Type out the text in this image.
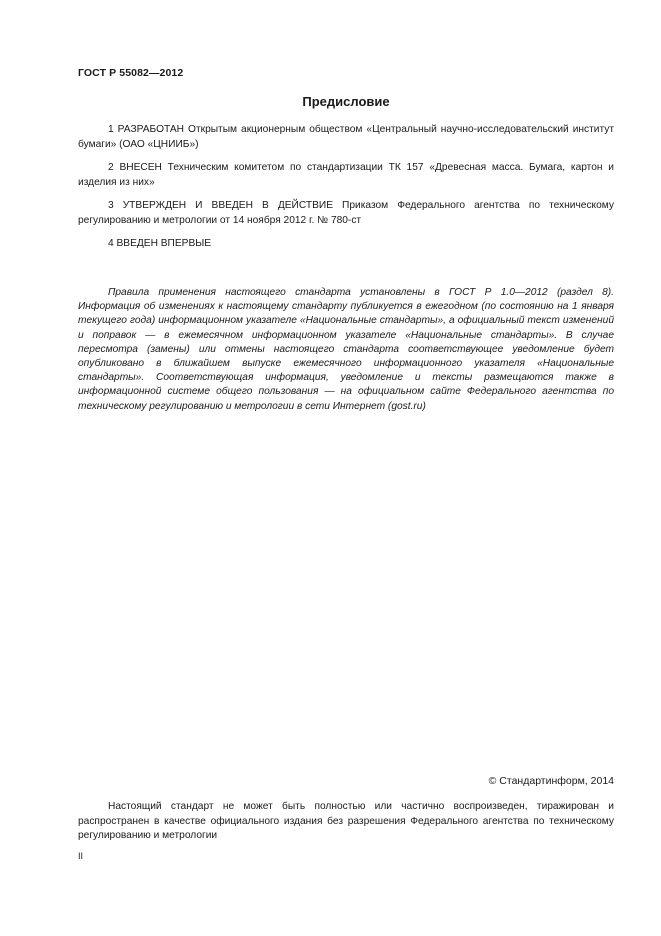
ГОСТ Р 55082—2012
Предисловие

1 РАЗРАБОТАН Открытым акционерным обществом «Центральный научно-исследовательский институт бумаги» (ОАО «ЦНИИБ»)

2 ВНЕСЕН Техническим комитетом по стандартизации ТК 157 «Древесная масса. Бумага, картон и изделия из них»

3 УТВЕРЖДЕН И ВВЕДЕН В ДЕЙСТВИЕ Приказом Федерального агентства по техническому регулированию и метрологии от 14 ноября 2012 г. № 780-ст

4 ВВЕДЕН ВПЕРВЫЕ

Правила применения настоящего стандарта установлены в ГОСТ Р 1.0—2012 (раздел 8). Информация об изменениях к настоящему стандарту публикуется в ежегодном (по состоянию на 1 января текущего года) информационном указателе «Национальные стандарты», а официальный текст изменений и поправок — в ежемесячном информационном указателе «Национальные стандарты». В случае пересмотра (замены) или отмены настоящего стандарта соответствующее уведомление будет опубликовано в ближайшем выпуске ежемесячного информационного указателя «Национальные стандарты». Соответствующая информация, уведомление и тексты размещаются также в информационной системе общего пользования — на официальном сайте Федерального агентства по техническому регулированию и метрологии в сети Интернет (gost.ru)

© Стандартинформ, 2014

Настоящий стандарт не может быть полностью или частично воспроизведен, тиражирован и распространен в качестве официального издания без разрешения Федерального агентства по техническому регулированию и метрологии

II
